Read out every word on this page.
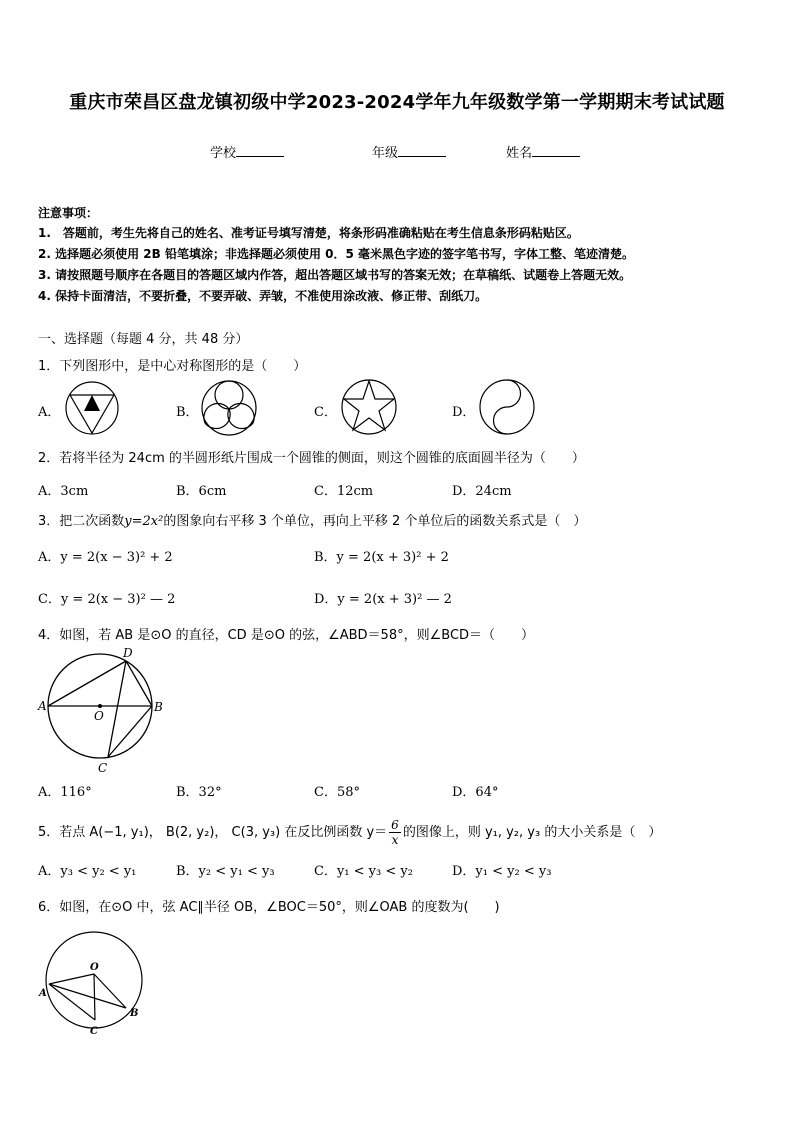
重庆市荣昌区盘龙镇初级中学2023-2024学年九年级数学第一学期期末考试试题
学校	年级	姓名
注意事项：
1.　答题前，考生先将自己的姓名、准考证号填写清楚，将条形码准确粘贴在考生信息条形码粘贴区。
2. 选择题必须使用 2B 铅笔填涂；非选择题必须使用 0．5 毫米黑色字迹的签字笔书写，字体工整、笔迹清楚。
3. 请按照题号顺序在各题目的答题区域内作答，超出答题区域书写的答案无效；在草稿纸、试题卷上答题无效。
4. 保持卡面清洁，不要折叠，不要弄破、弄皱，不准使用涂改液、修正带、刮纸刀。
一、选择题（每题 4 分，共 48 分）
1．下列图形中，是中心对称图形的是（　　）
A．	B．	C．	D．
2．若将半径为 24cm 的半圆形纸片围成一个圆锥的侧面，则这个圆锥的底面圆半径为（　　）
A．3cm	B．6cm	C．12cm	D．24cm
3．把二次函数y=2x²的图象向右平移 3 个单位，再向上平移 2 个单位后的函数关系式是（　）
A．y = 2(x − 3)² + 2	B．y = 2(x + 3)² + 2
C．y = 2(x − 3)² — 2	D．y = 2(x + 3)² — 2
4．如图，若 AB 是⊙O 的直径，CD 是⊙O 的弦，∠ABD＝58°，则∠BCD＝（　　）
A	B
C
D
O
A．116°	B．32°	C．58°	D．64°
5．若点 A(−1, y₁)， B(2, y₂)， C(3, y₃) 在反比例函数 $y= \frac{6}{x}$ 的图像上，则 y₁, y₂, y₃ 的大小关系是（　）
A．y₃ < y₂ < y₁	B．y₂ < y₁ < y₃	C．y₁ < y₃ < y₂	D．y₁ < y₂ < y₃
6．如图，在⊙O 中，弦 AC∥半径 OB，∠BOC＝50°，则∠OAB 的度数为(　　)
O
A
C
B
